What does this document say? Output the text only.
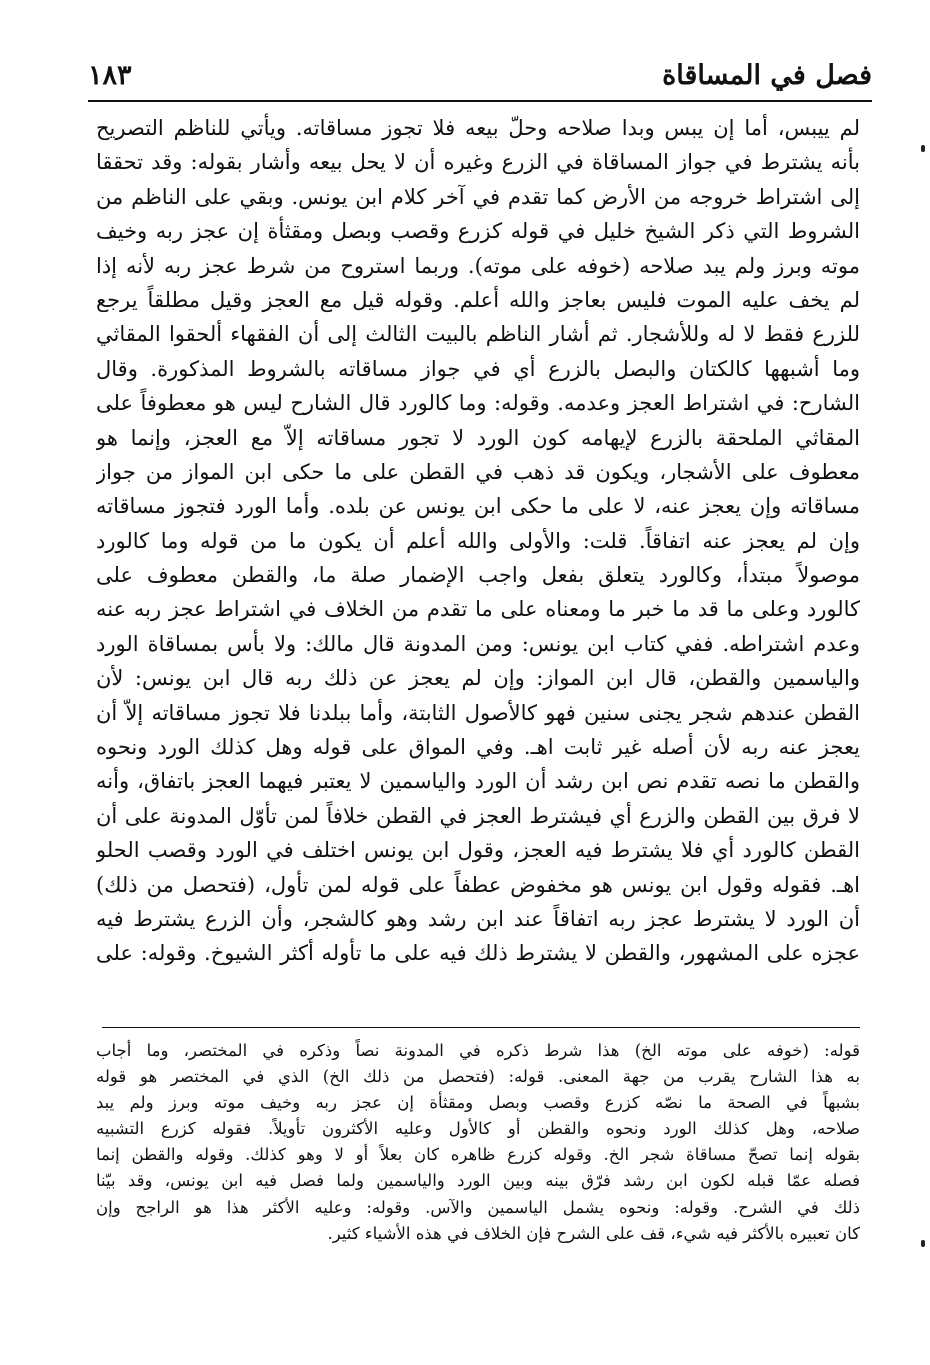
فصل في المساقاة
١٨٣
لم ييبس، أما إن يبس وبدا صلاحه وحلّ بيعه فلا تجوز مساقاته. ويأتي للناظم التصريح
بأنه يشترط في جواز المساقاة في الزرع وغيره أن لا يحل بيعه وأشار بقوله: وقد تحققا
إلى اشتراط خروجه من الأرض كما تقدم في آخر كلام ابن يونس. وبقي على الناظم من
الشروط التي ذكر الشيخ خليل في قوله كزرع وقصب وبصل ومقثأة إن عجز ربه وخيف
موته وبرز ولم يبد صلاحه (خوفه على موته). وربما استروح من شرط عجز ربه لأنه إذا
لم يخف عليه الموت فليس بعاجز والله أعلم. وقوله قيل مع العجز وقيل مطلقاً يرجع
للزرع فقط لا له وللأشجار. ثم أشار الناظم بالبيت الثالث إلى أن الفقهاء ألحقوا المقاثي
وما أشبهها كالكتان والبصل بالزرع أي في جواز مساقاته بالشروط المذكورة. وقال
الشارح: في اشتراط العجز وعدمه. وقوله: وما كالورد قال الشارح ليس هو معطوفاً على
المقاثي الملحقة بالزرع لإيهامه كون الورد لا تجور مساقاته إلاّ مع العجز، وإنما هو
معطوف على الأشجار، ويكون قد ذهب في القطن على ما حكى ابن المواز من جواز
مساقاته وإن يعجز عنه، لا على ما حكى ابن يونس عن بلده. وأما الورد فتجوز مساقاته
وإن لم يعجز عنه اتفاقاً. قلت: والأولى والله أعلم أن يكون ما من قوله وما كالورد
موصولاً مبتدأ، وكالورد يتعلق بفعل واجب الإضمار صلة ما، والقطن معطوف على
كالورد وعلى ما قد ما خبر ما ومعناه على ما تقدم من الخلاف في اشتراط عجز ربه عنه
وعدم اشتراطه. ففي كتاب ابن يونس: ومن المدونة قال مالك: ولا بأس بمساقاة الورد
والياسمين والقطن، قال ابن المواز: وإن لم يعجز عن ذلك ربه قال ابن يونس: لأن
القطن عندهم شجر يجنى سنين فهو كالأصول الثابتة، وأما ببلدنا فلا تجوز مساقاته إلاّ أن
يعجز عنه ربه لأن أصله غير ثابت اهـ. وفي المواق على قوله وهل كذلك الورد ونحوه
والقطن ما نصه تقدم نص ابن رشد أن الورد والياسمين لا يعتبر فيهما العجز باتفاق، وأنه
لا فرق بين القطن والزرع أي فيشترط العجز في القطن خلافاً لمن تأوّل المدونة على أن
القطن كالورد أي فلا يشترط فيه العجز، وقول ابن يونس اختلف في الورد وقصب الحلو
اهـ. فقوله وقول ابن يونس هو مخفوض عطفاً على قوله لمن تأول، (فتحصل من ذلك)
أن الورد لا يشترط عجز ربه اتفاقاً عند ابن رشد وهو كالشجر، وأن الزرع يشترط فيه
عجزه على المشهور، والقطن لا يشترط ذلك فيه على ما تأوله أكثر الشيوخ. وقوله: على
قوله: (خوفه على موته الخ) هذا شرط ذكره في المدونة نصاً وذكره في المختصر، وما أجاب
به هذا الشارح يقرب من جهة المعنى. قوله: (فتحصل من ذلك الخ) الذي في المختصر هو قوله
بشبهاً في الصحة ما نصّه كزرع وقصب وبصل ومقثأة إن عجز ربه وخيف موته وبرز ولم يبد
صلاحه، وهل كذلك الورد ونحوه والقطن أو كالأول وعليه الأكثرون تأويلاً. فقوله كزرع التشبيه
بقوله إنما تصحّ مساقاة شجر الخ. وقوله كزرع ظاهره كان بعلاً أو لا وهو كذلك. وقوله والقطن إنما
فصله عمّا قبله لكون ابن رشد فرّق بينه وبين الورد والياسمين ولما فصل فيه ابن يونس، وقد بيّنا
ذلك في الشرح. وقوله: ونحوه يشمل الياسمين والآس. وقوله: وعليه الأكثر هذا هو الراجح وإن
كان تعبيره بالأكثر فيه شيء، قف على الشرح فإن الخلاف في هذه الأشياء كثير.
